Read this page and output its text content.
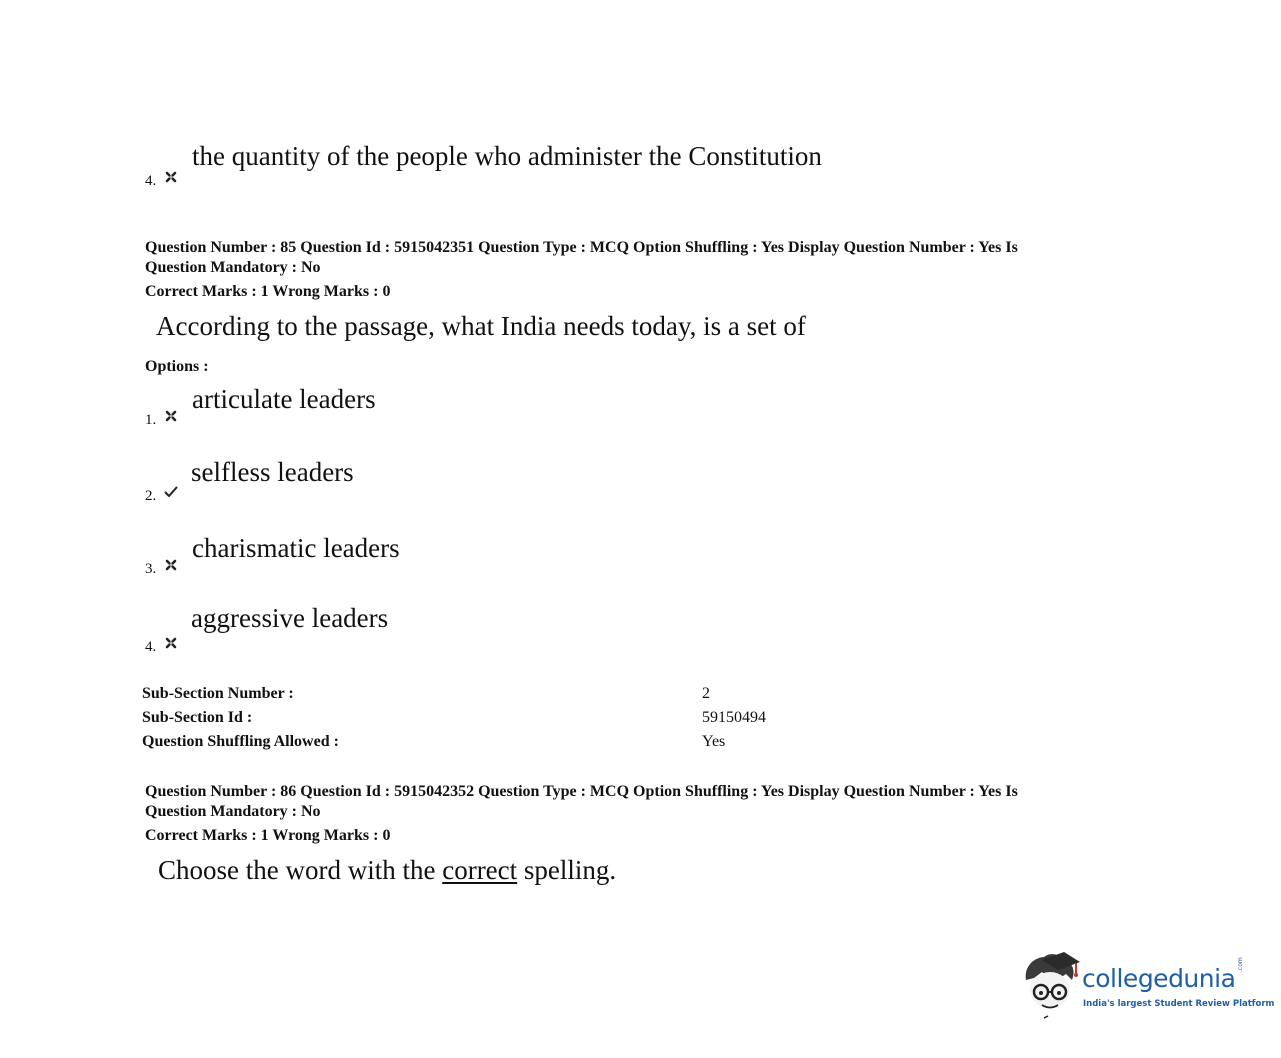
the quantity of the people who administer the Constitution
4.
Question Number : 85 Question Id : 5915042351 Question Type : MCQ Option Shuffling : Yes Display Question Number : Yes Is
Question Mandatory : No
Correct Marks : 1 Wrong Marks : 0
According to the passage, what India needs today, is a set of
Options :
articulate leaders
1.
selfless leaders
2.
charismatic leaders
3.
aggressive leaders
4.
Sub-Section Number :	2
Sub-Section Id :	59150494
Question Shuffling Allowed :	Yes
Question Number : 86 Question Id : 5915042352 Question Type : MCQ Option Shuffling : Yes Display Question Number : Yes Is
Question Mandatory : No
Correct Marks : 1 Wrong Marks : 0
Choose the word with the correct spelling.
collegedunia .com
India's largest Student Review Platform
